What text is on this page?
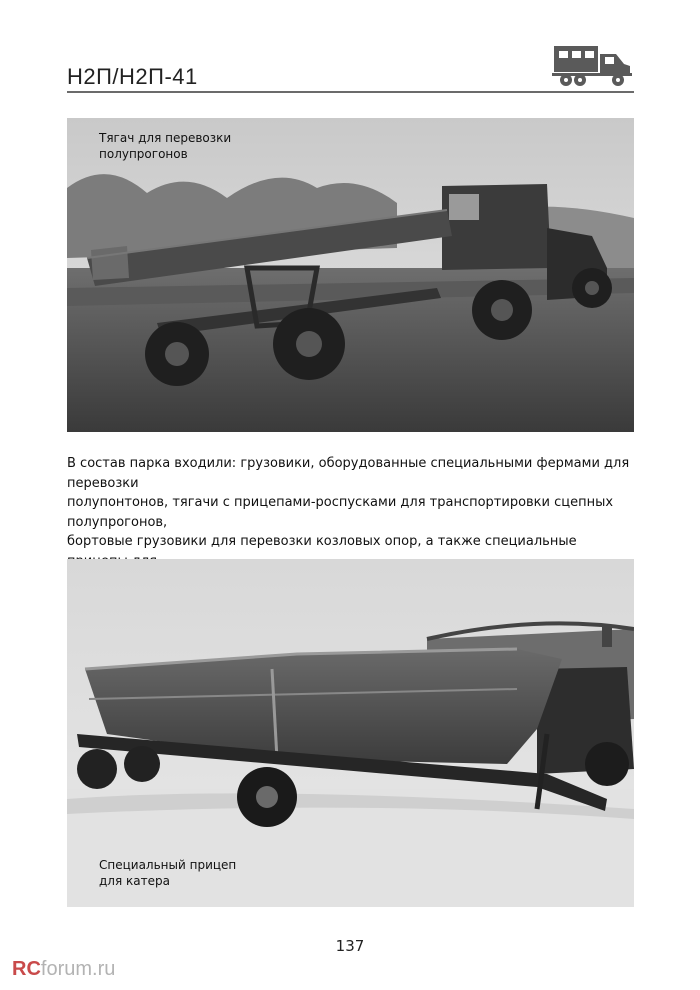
Н2П/Н2П-41
Тягач для перевозки
полупрогонов
В состав парка входили: грузовики, оборудованные специальными фермами для перевозки
полупонтонов, тягачи с прицепами-роспусками для транспортировки сцепных полупрогонов,
бортовые грузовики для перевозки козловых опор, а также специальные

Специальный прицеп
для катера
137
RCforum.ru
